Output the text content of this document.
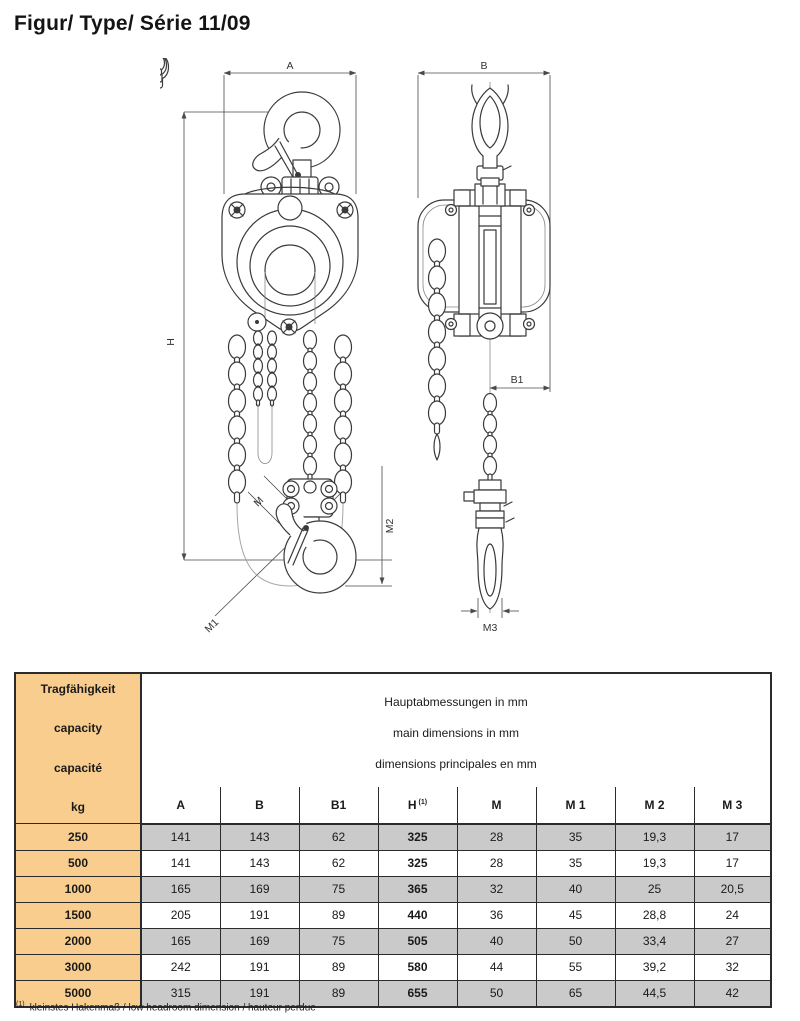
Figur/ Type/ Série 11/09
A
H
M
M1
M2
B
B1
M3
Tragfähigkeit
capacity
capacité
kg

Hauptabmessungen in mm
main dimensions in mm
dimensions principales en mm

	A	B	B1	H $^{(1)}$	M	M 1	M 2	M 3
250	141	143	62	325	28	35	19,3	17
500	141	143	62	325	28	35	19,3	17
1000	165	169	75	365	32	40	25	20,5
1500	205	191	89	440	36	45	28,8	24
2000	165	169	75	505	40	50	33,4	27
3000	242	191	89	580	44	55	39,2	32
5000	315	191	89	655	50	65	44,5	42
$^{(1)}$ kleinstes Hakenmaß / low headroom dimension / hauteur perdue
